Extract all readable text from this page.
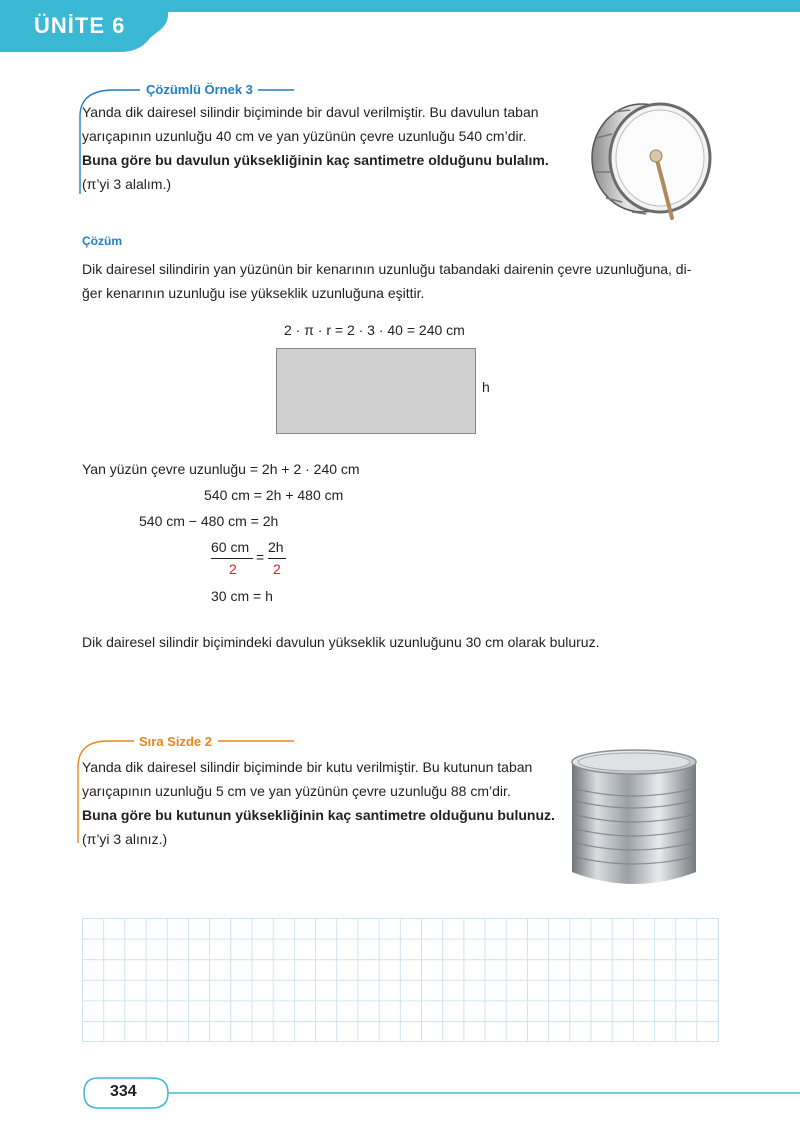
ÜNİTE 6
Çözümlü Örnek 3

Yanda dik dairesel silindir biçiminde bir davul verilmiştir. Bu davulun taban

yarıçapının uzunluğu 40 cm ve yan yüzünün çevre uzunluğu 540 cm’dir.

Buna göre bu davulun yüksekliğinin kaç santimetre olduğunu bulalım.

(π’yi 3 alalım.)

Çözüm

Dik dairesel silindirin yan yüzünün bir kenarının uzunluğu tabandaki dairenin çevre uzunluğuna, di-

ğer kenarının uzunluğu ise yükseklik uzunluğuna eşittir.

2 · π · r = 2 · 3 · 40 = 240 cm
h
Yan yüzün çevre uzunluğu = 2h + 2 · 240 cm
540 cm = 2h + 480 cm
540 cm − 480 cm = 2h
60 cm
2
=
2h
2
30 cm = h
Dik dairesel silindir biçimindeki davulun yükseklik uzunluğunu 30 cm olarak buluruz.
Sıra Sizde 2

Yanda dik dairesel silindir biçiminde bir kutu verilmiştir. Bu kutunun taban

yarıçapının uzunluğu 5 cm ve yan yüzünün çevre uzunluğu 88 cm’dir.

Buna göre bu kutunun yüksekliğinin kaç santimetre olduğunu bulunuz.

(π’yi 3 alınız.)

334
